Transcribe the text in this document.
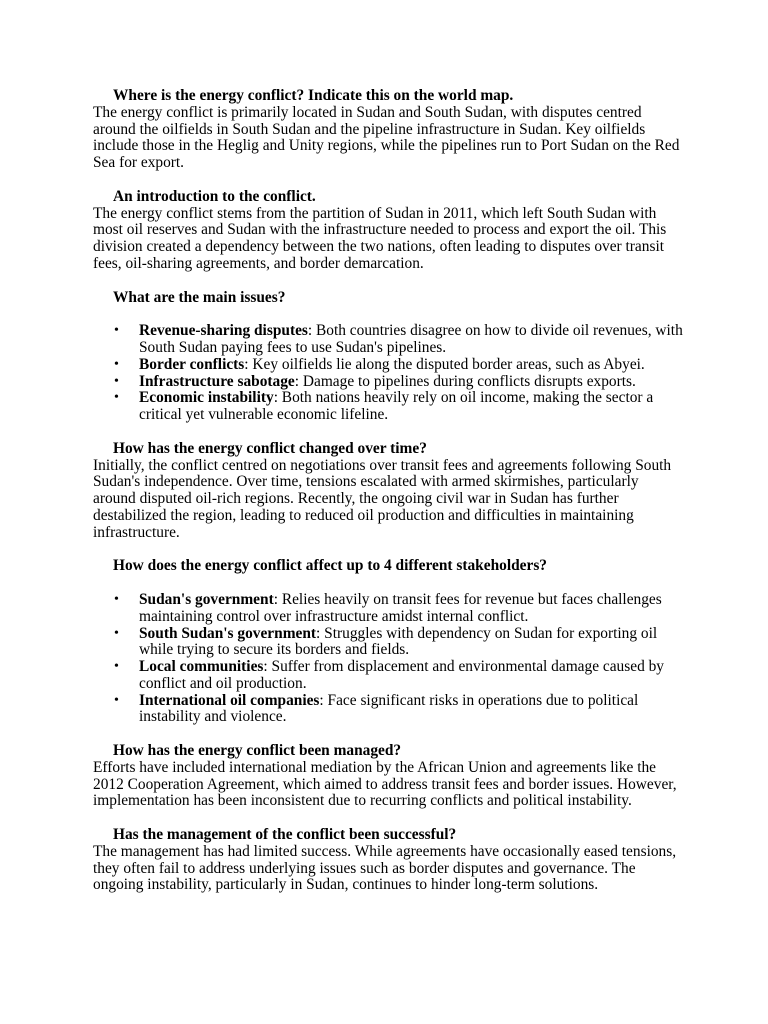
Where is the energy conflict? Indicate this on the world map.

The energy conflict is primarily located in Sudan and South Sudan, with disputes centred around the oilfields in South Sudan and the pipeline infrastructure in Sudan. Key oilfields include those in the Heglig and Unity regions, while the pipelines run to Port Sudan on the Red Sea for export.

An introduction to the conflict.

The energy conflict stems from the partition of Sudan in 2011, which left South Sudan with most oil reserves and Sudan with the infrastructure needed to process and export the oil. This division created a dependency between the two nations, often leading to disputes over transit fees, oil-sharing agreements, and border demarcation.

What are the main issues?

• Revenue-sharing disputes: Both countries disagree on how to divide oil revenues, with South Sudan paying fees to use Sudan's pipelines.
• Border conflicts: Key oilfields lie along the disputed border areas, such as Abyei.
• Infrastructure sabotage: Damage to pipelines during conflicts disrupts exports.
• Economic instability: Both nations heavily rely on oil income, making the sector a critical yet vulnerable economic lifeline.

How has the energy conflict changed over time?

Initially, the conflict centred on negotiations over transit fees and agreements following South Sudan's independence. Over time, tensions escalated with armed skirmishes, particularly around disputed oil-rich regions. Recently, the ongoing civil war in Sudan has further destabilized the region, leading to reduced oil production and difficulties in maintaining infrastructure.

How does the energy conflict affect up to 4 different stakeholders?

• Sudan's government: Relies heavily on transit fees for revenue but faces challenges maintaining control over infrastructure amidst internal conflict.
• South Sudan's government: Struggles with dependency on Sudan for exporting oil while trying to secure its borders and fields.
• Local communities: Suffer from displacement and environmental damage caused by conflict and oil production.
• International oil companies: Face significant risks in operations due to political instability and violence.

How has the energy conflict been managed?

Efforts have included international mediation by the African Union and agreements like the 2012 Cooperation Agreement, which aimed to address transit fees and border issues. However, implementation has been inconsistent due to recurring conflicts and political instability.

Has the management of the conflict been successful?

The management has had limited success. While agreements have occasionally eased tensions, they often fail to address underlying issues such as border disputes and governance. The ongoing instability, particularly in Sudan, continues to hinder long-term solutions.
